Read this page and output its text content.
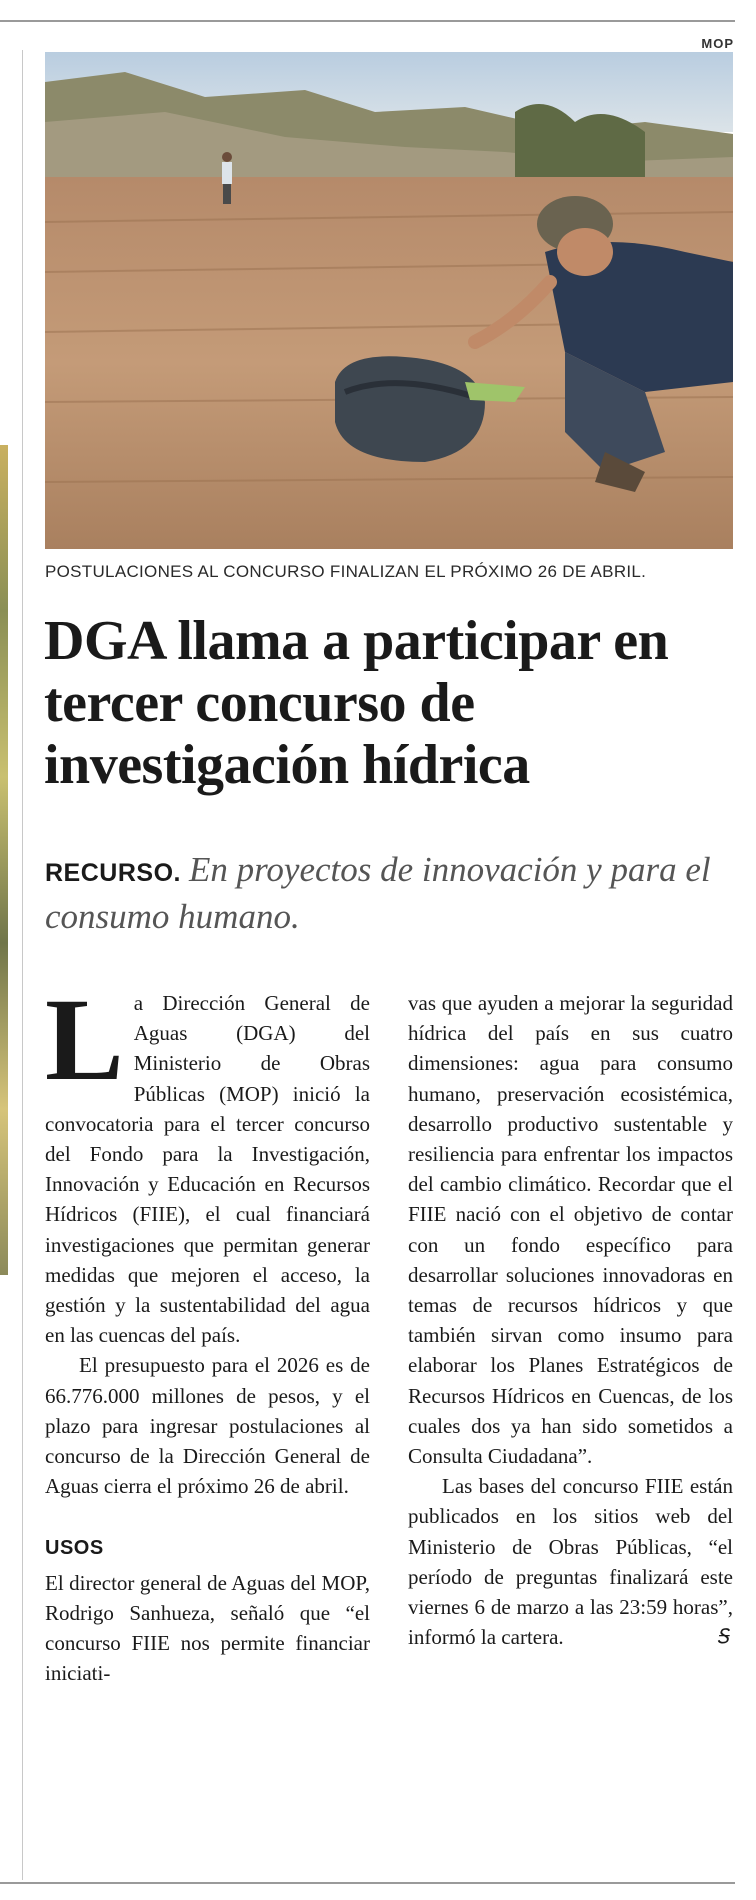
MOP
POSTULACIONES AL CONCURSO FINALIZAN EL PRÓXIMO 26 DE ABRIL.
DGA llama a participar en tercer concurso de investigación hídrica
RECURSO. En proyectos de innovación y para el consumo humano.

La Dirección General de Aguas (DGA) del Ministerio de Obras Públicas (MOP) inició la convocatoria para el tercer concurso del Fondo para la Investigación, Innovación y Educación en Recursos Hídricos (FIIE), el cual financiará investigaciones que permitan generar medidas que mejoren el acceso, la gestión y la sustentabilidad del agua en las cuencas del país.

El presupuesto para el 2026 es de 66.776.000 millones de pesos, y el plazo para ingresar postulaciones al concurso de la Dirección General de Aguas cierra el próximo 26 de abril.

USOS

El director general de Aguas del MOP, Rodrigo Sanhueza, señaló que “el concurso FIIE nos permite financiar iniciati-

vas que ayuden a mejorar la seguridad hídrica del país en sus cuatro dimensiones: agua para consumo humano, preservación ecosistémica, desarrollo productivo sustentable y resiliencia para enfrentar los impactos del cambio climático. Recordar que el FIIE nació con el objetivo de contar con un fondo específico para desarrollar soluciones innovadoras en temas de recursos hídricos y que también sirvan como insumo para elaborar los Planes Estratégicos de Recursos Hídricos en Cuencas, de los cuales dos ya han sido sometidos a Consulta Ciudadana”.

Las bases del concurso FIIE están publicados en los sitios web del Ministerio de Obras Públicas, “el período de preguntas finalizará este viernes 6 de marzo a las 23:59 horas”, informó la cartera.	Ꭶ
